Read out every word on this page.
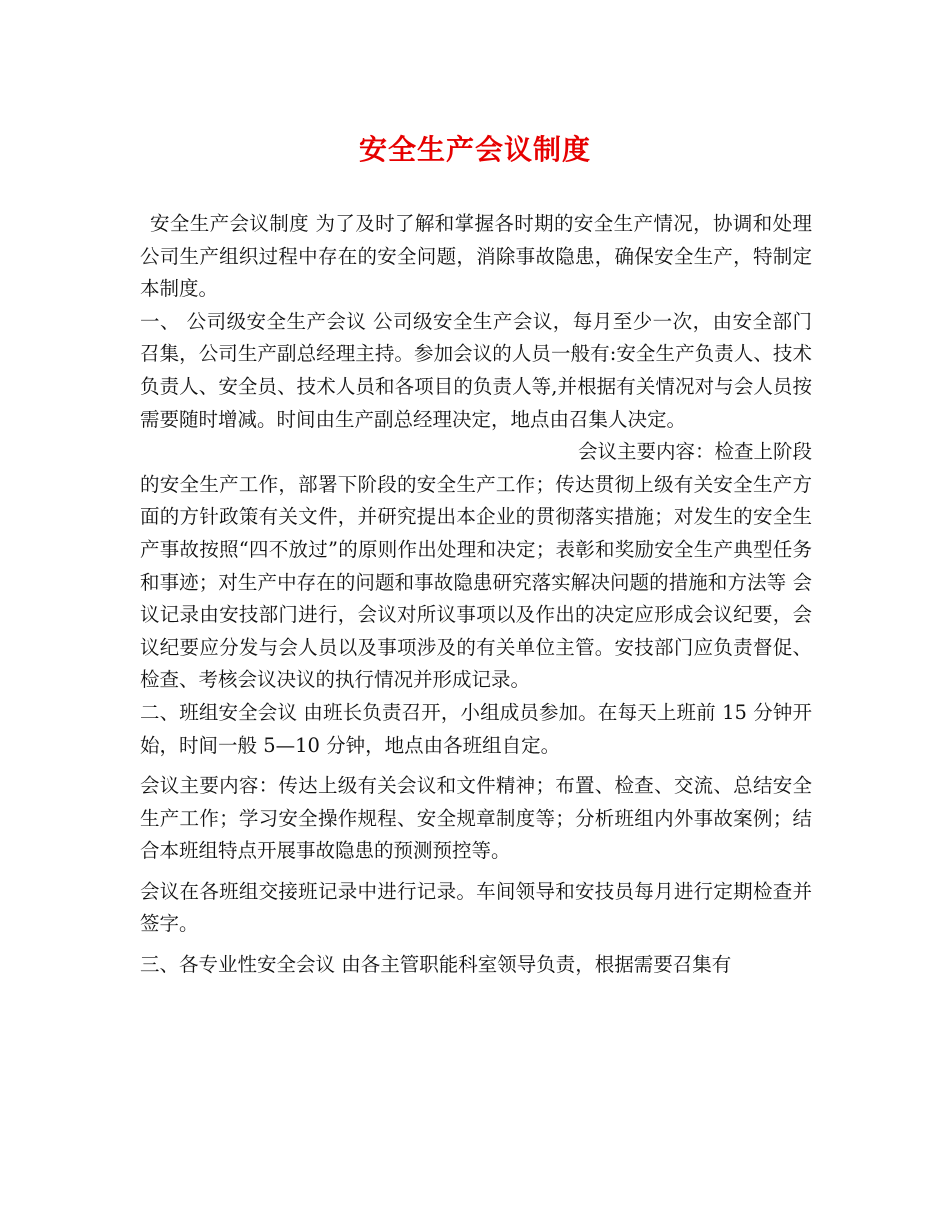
安全生产会议制度

安全生产会议制度 为了及时了解和掌握各时期的安全生产情况，协调和处理公司生产组织过程中存在的安全问题，消除事故隐患，确保安全生产，特制定本制度。

一、 公司级安全生产会议 公司级安全生产会议，每月至少一次，由安全部门召集，公司生产副总经理主持。参加会议的人员一般有:安全生产负责人、技术负责人、安全员、技术人员和各项目的负责人等,并根据有关情况对与会人员按需要随时增减。时间由生产副总经理决定，地点由召集人决定。

会议主要内容：检查上阶段

的安全生产工作，部署下阶段的安全生产工作；传达贯彻上级有关安全生产方面的方针政策有关文件，并研究提出本企业的贯彻落实措施；对发生的安全生产事故按照“四不放过”的原则作出处理和决定；表彰和奖励安全生产典型任务和事迹；对生产中存在的问题和事故隐患研究落实解决问题的措施和方法等 会议记录由安技部门进行，会议对所议事项以及作出的决定应形成会议纪要，会议纪要应分发与会人员以及事项涉及的有关单位主管。安技部门应负责督促、检查、考核会议决议的执行情况并形成记录。

二、班组安全会议 由班长负责召开，小组成员参加。在每天上班前 15 分钟开始，时间一般 5—10 分钟，地点由各班组自定。

会议主要内容：传达上级有关会议和文件精神；布置、检查、交流、总结安全生产工作；学习安全操作规程、安全规章制度等；分析班组内外事故案例；结合本班组特点开展事故隐患的预测预控等。

会议在各班组交接班记录中进行记录。车间领导和安技员每月进行定期检查并签字。

三、各专业性安全会议 由各主管职能科室领导负责，根据需要召集有
